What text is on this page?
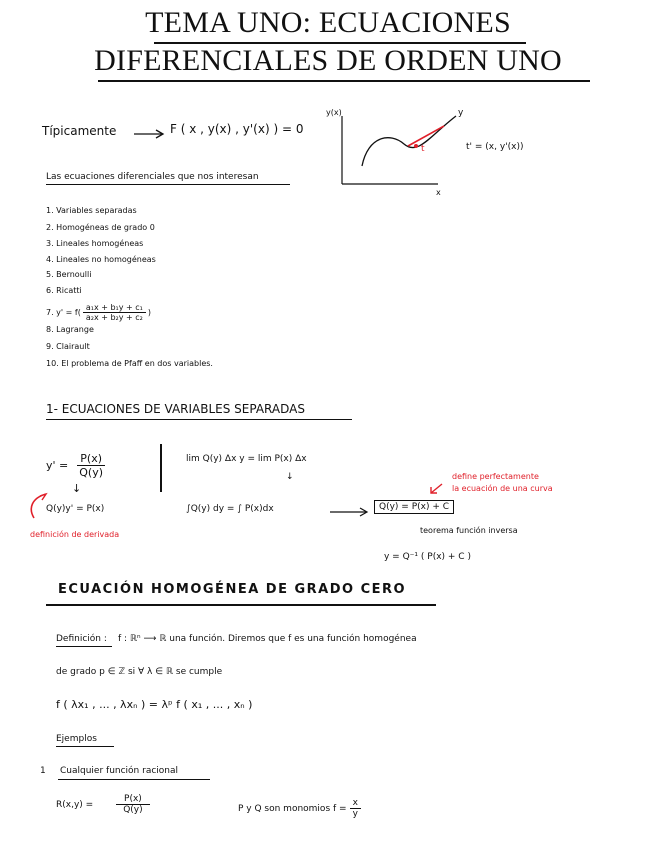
TEMA UNO: ECUACIONES
DIFERENCIALES DE ORDEN UNO
Típicamente	F ( x , y(x) , y'(x) ) = 0
y(x)
x
y
t	t' = (x, y'(x))
Las ecuaciones diferenciales que nos interesan
1. Variables separadas
2. Homogéneas de grado 0
3. Lineales homogéneas
4. Lineales no homogéneas
5. Bernoulli
6. Ricatti
7. $y' = f( \frac{\text{a₁x + b₁y + c₁}}{\text{a₂x + b₂y + c₂}}$ )
8. Lagrange
9. Clairault
10. El problema de Pfaff en dos variables.
1- ECUACIONES DE VARIABLES SEPARADAS
$y' = \frac{P(x)}{Q(y)}$
↓
Q(y)y' = P(x)
definición de derivada
lim Q(y) Δx y = lim P(x) Δx
↓
∫Q(y) dy = ∫ P(x)dx	Q(y) = P(x) + C
teorema función inversa
y = Q⁻¹ ( P(x) + C )
define perfectamente
la ecuación de una curva
ECUACIÓN HOMOGÉNEA DE GRADO CERO
Definición : f : ℝⁿ ⟶ ℝ una función. Diremos que f es una función homogénea
de grado p ∈ ℤ si ∀ λ ∈ ℝ se cumple
f ( λx₁ , ... , λxₙ ) = λᵖ f ( x₁ , ... , xₙ )
Ejemplos
1 Cualquier función racional
$R(x,y) = \frac{P(x)}{Q(y)}$	P y Q son monomios $f = \frac{x}{y}$
